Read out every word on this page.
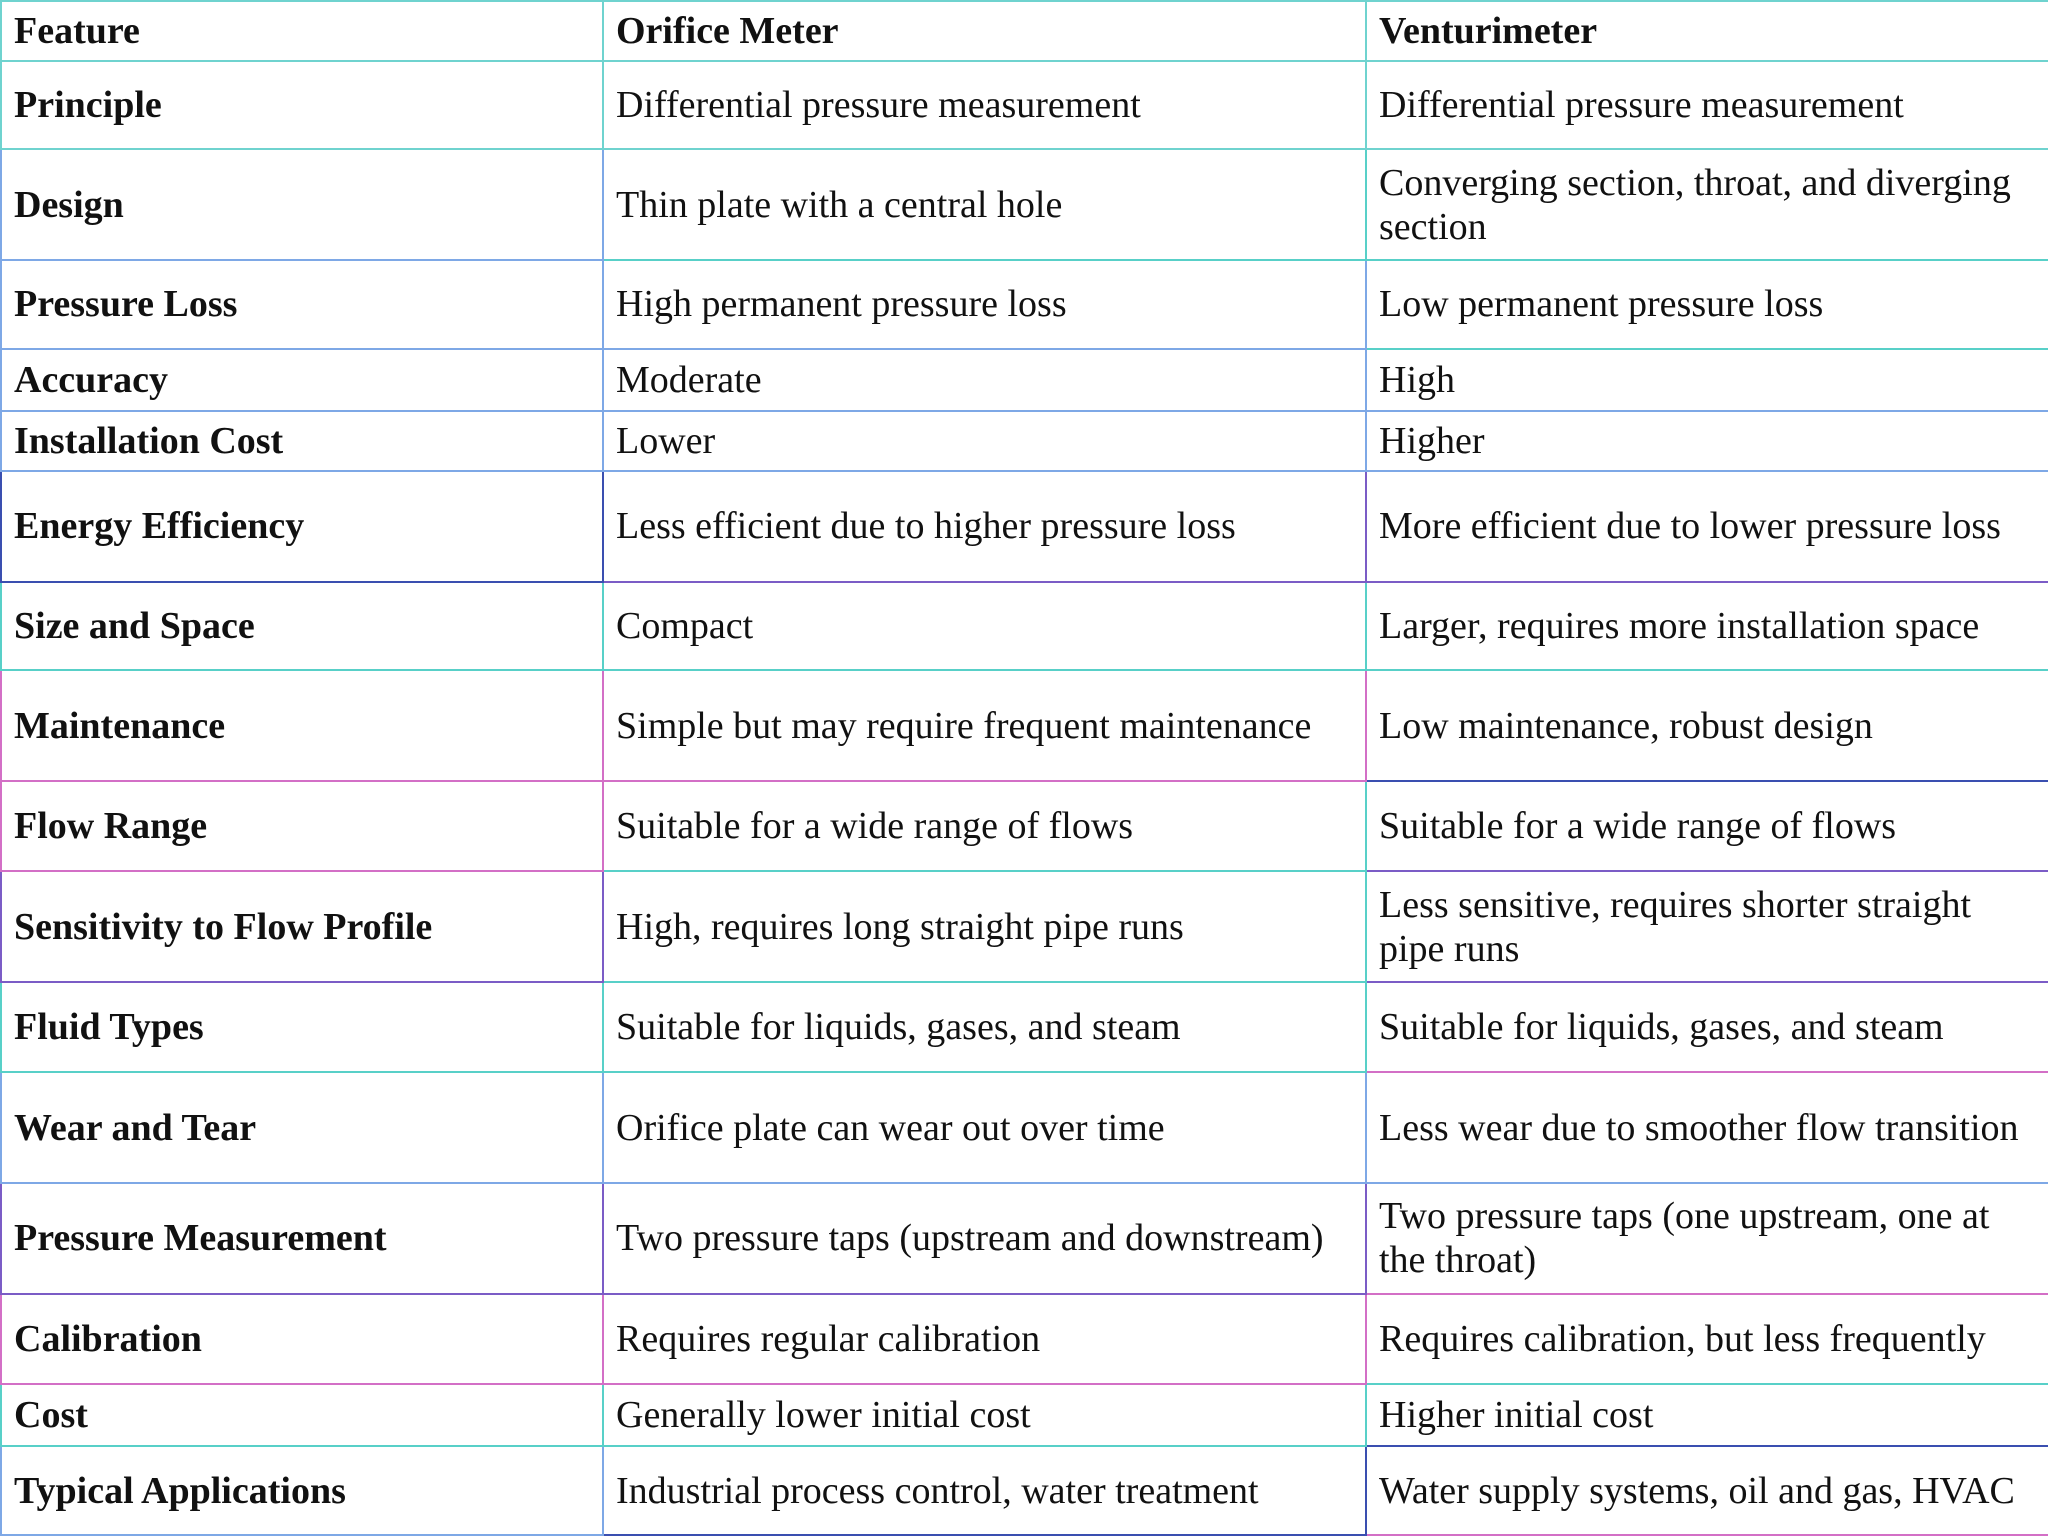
Feature	Orifice Meter	Venturimeter
Principle	Differential pressure measurement	Differential pressure measurement
Design	Thin plate with a central hole	Converging section, throat, and diverging section
Pressure Loss	High permanent pressure loss	Low permanent pressure loss
Accuracy	Moderate	High
Installation Cost	Lower	Higher
Energy Efficiency	Less efficient due to higher pressure loss	More efficient due to lower pressure loss
Size and Space	Compact	Larger, requires more installation space
Maintenance	Simple but may require frequent maintenance	Low maintenance, robust design
Flow Range	Suitable for a wide range of flows	Suitable for a wide range of flows
Sensitivity to Flow Profile	High, requires long straight pipe runs	Less sensitive, requires shorter straight pipe runs
Fluid Types	Suitable for liquids, gases, and steam	Suitable for liquids, gases, and steam
Wear and Tear	Orifice plate can wear out over time	Less wear due to smoother flow transition
Pressure Measurement	Two pressure taps (upstream and downstream)	Two pressure taps (one upstream, one at the throat)
Calibration	Requires regular calibration	Requires calibration, but less frequently
Cost	Generally lower initial cost	Higher initial cost
Typical Applications	Industrial process control, water treatment	Water supply systems, oil and gas, HVAC
